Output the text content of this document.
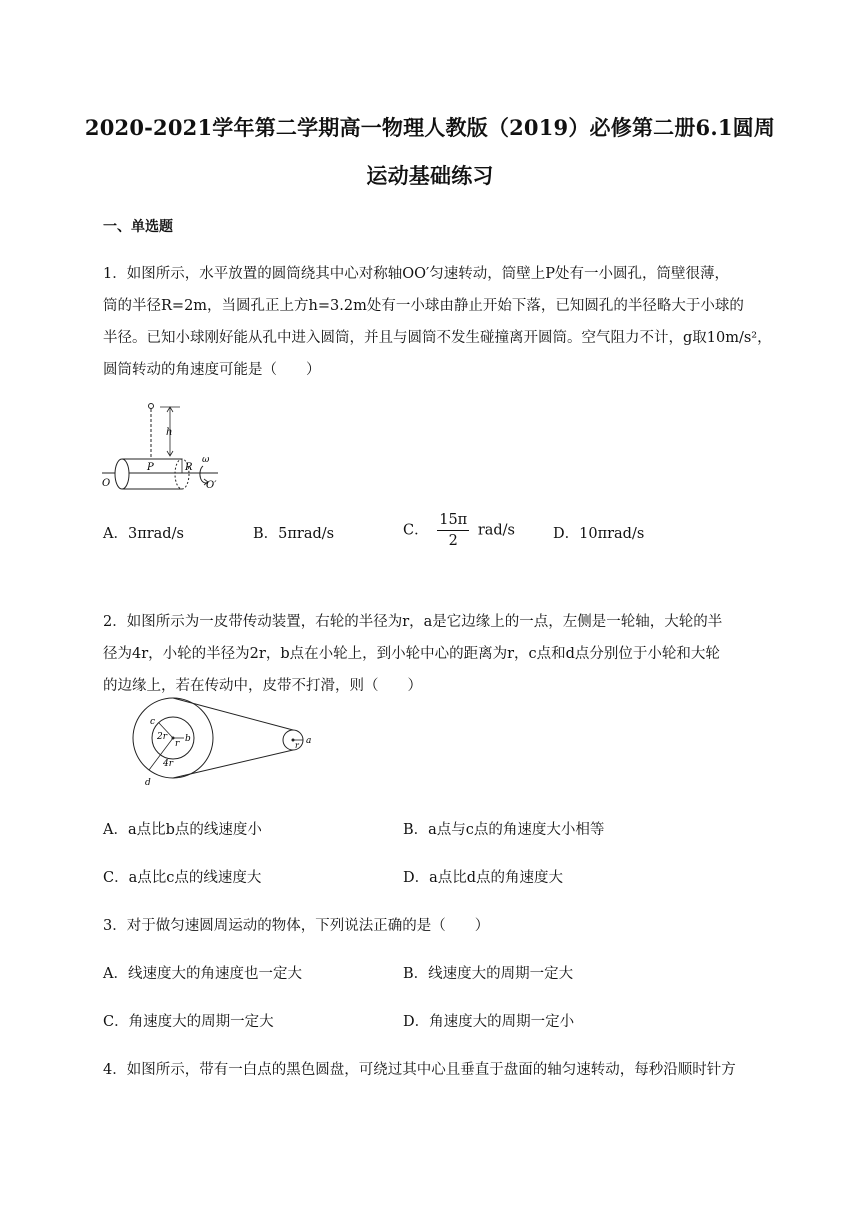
2020-2021学年第二学期高一物理人教版（2019）必修第二册6.1圆周
运动基础练习
一、单选题
1．如图所示，水平放置的圆筒绕其中心对称轴OO′匀速转动，筒壁上P处有一小圆孔，筒壁很薄，
筒的半径R=2m，当圆孔正上方h=3.2m处有一小球由静止开始下落，已知圆孔的半径略大于小球的
半径。已知小球刚好能从孔中进入圆筒，并且与圆筒不发生碰撞离开圆筒。空气阻力不计，g取10m/s²，
圆筒转动的角速度可能是（　　）
h
R
P
ω
O	O′
A．3πrad/s	B．5πrad/s	C． $\frac{15\pi}{2} rad/s$	D．10πrad/s
2．如图所示为一皮带传动装置，右轮的半径为r，a是它边缘上的一点，左侧是一轮轴，大轮的半
径为4r，小轮的半径为2r，b点在小轮上，到小轮中心的距离为r，c点和d点分别位于小轮和大轮
的边缘上，若在传动中，皮带不打滑，则（　　）
c
2r
r b
4r
d
r a
A．a点比b点的线速度小	B．a点与c点的角速度大小相等
C．a点比c点的线速度大	D．a点比d点的角速度大
3．对于做匀速圆周运动的物体，下列说法正确的是（　　）
A．线速度大的角速度也一定大	B．线速度大的周期一定大
C．角速度大的周期一定大	D．角速度大的周期一定小
4．如图所示，带有一白点的黑色圆盘，可绕过其中心且垂直于盘面的轴匀速转动，每秒沿顺时针方
